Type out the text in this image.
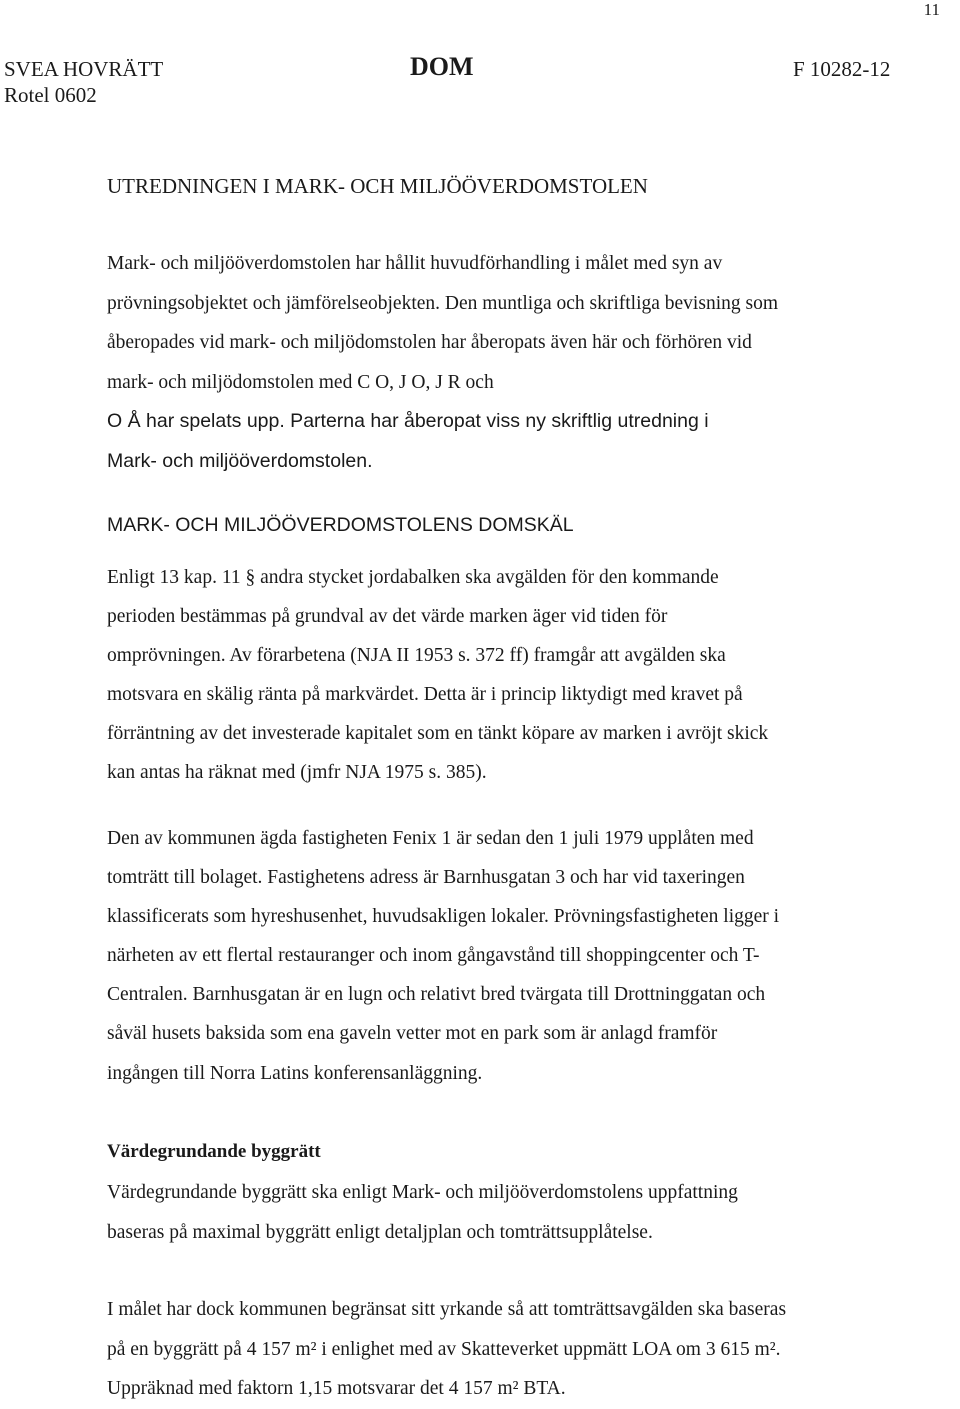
11
SVEA HOVRÄTT
Rotel 0602
DOM	F 10282-12
UTREDNINGEN I MARK- OCH MILJÖÖVERDOMSTOLEN

Mark- och miljööverdomstolen har hållit huvudförhandling i målet med syn av
prövningsobjektet och jämförelseobjekten. Den muntliga och skriftliga bevisning som
åberopades vid mark- och miljödomstolen har åberopats även här och förhören vid
mark- och miljödomstolen med C O, J O, J R och
O Å har spelats upp. Parterna har åberopat viss ny skriftlig utredning i
Mark- och miljööverdomstolen.

MARK- OCH MILJÖÖVERDOMSTOLENS DOMSKÄL

Enligt 13 kap. 11 § andra stycket jordabalken ska avgälden för den kommande
perioden bestämmas på grundval av det värde marken äger vid tiden för
omprövningen. Av förarbetena (NJA II 1953 s. 372 ff) framgår att avgälden ska
motsvara en skälig ränta på markvärdet. Detta är i princip liktydigt med kravet på
förräntning av det investerade kapitalet som en tänkt köpare av marken i avröjt skick
kan antas ha räknat med (jmfr NJA 1975 s. 385).

Den av kommunen ägda fastigheten Fenix 1 är sedan den 1 juli 1979 upplåten med
tomträtt till bolaget. Fastighetens adress är Barnhusgatan 3 och har vid taxeringen
klassificerats som hyreshusenhet, huvudsakligen lokaler. Prövningsfastigheten ligger i
närheten av ett flertal restauranger och inom gångavstånd till shoppingcenter och T-
Centralen. Barnhusgatan är en lugn och relativt bred tvärgata till Drottninggatan och
såväl husets baksida som ena gaveln vetter mot en park som är anlagd framför
ingången till Norra Latins konferensanläggning.

Värdegrundande byggrätt

Värdegrundande byggrätt ska enligt Mark- och miljööverdomstolens uppfattning
baseras på maximal byggrätt enligt detaljplan och tomträttsupplåtelse.

I målet har dock kommunen begränsat sitt yrkande så att tomträttsavgälden ska baseras
på en byggrätt på 4 157 m² i enlighet med av Skatteverket uppmätt LOA om 3 615 m².
Uppräknad med faktorn 1,15 motsvarar det 4 157 m² BTA.
